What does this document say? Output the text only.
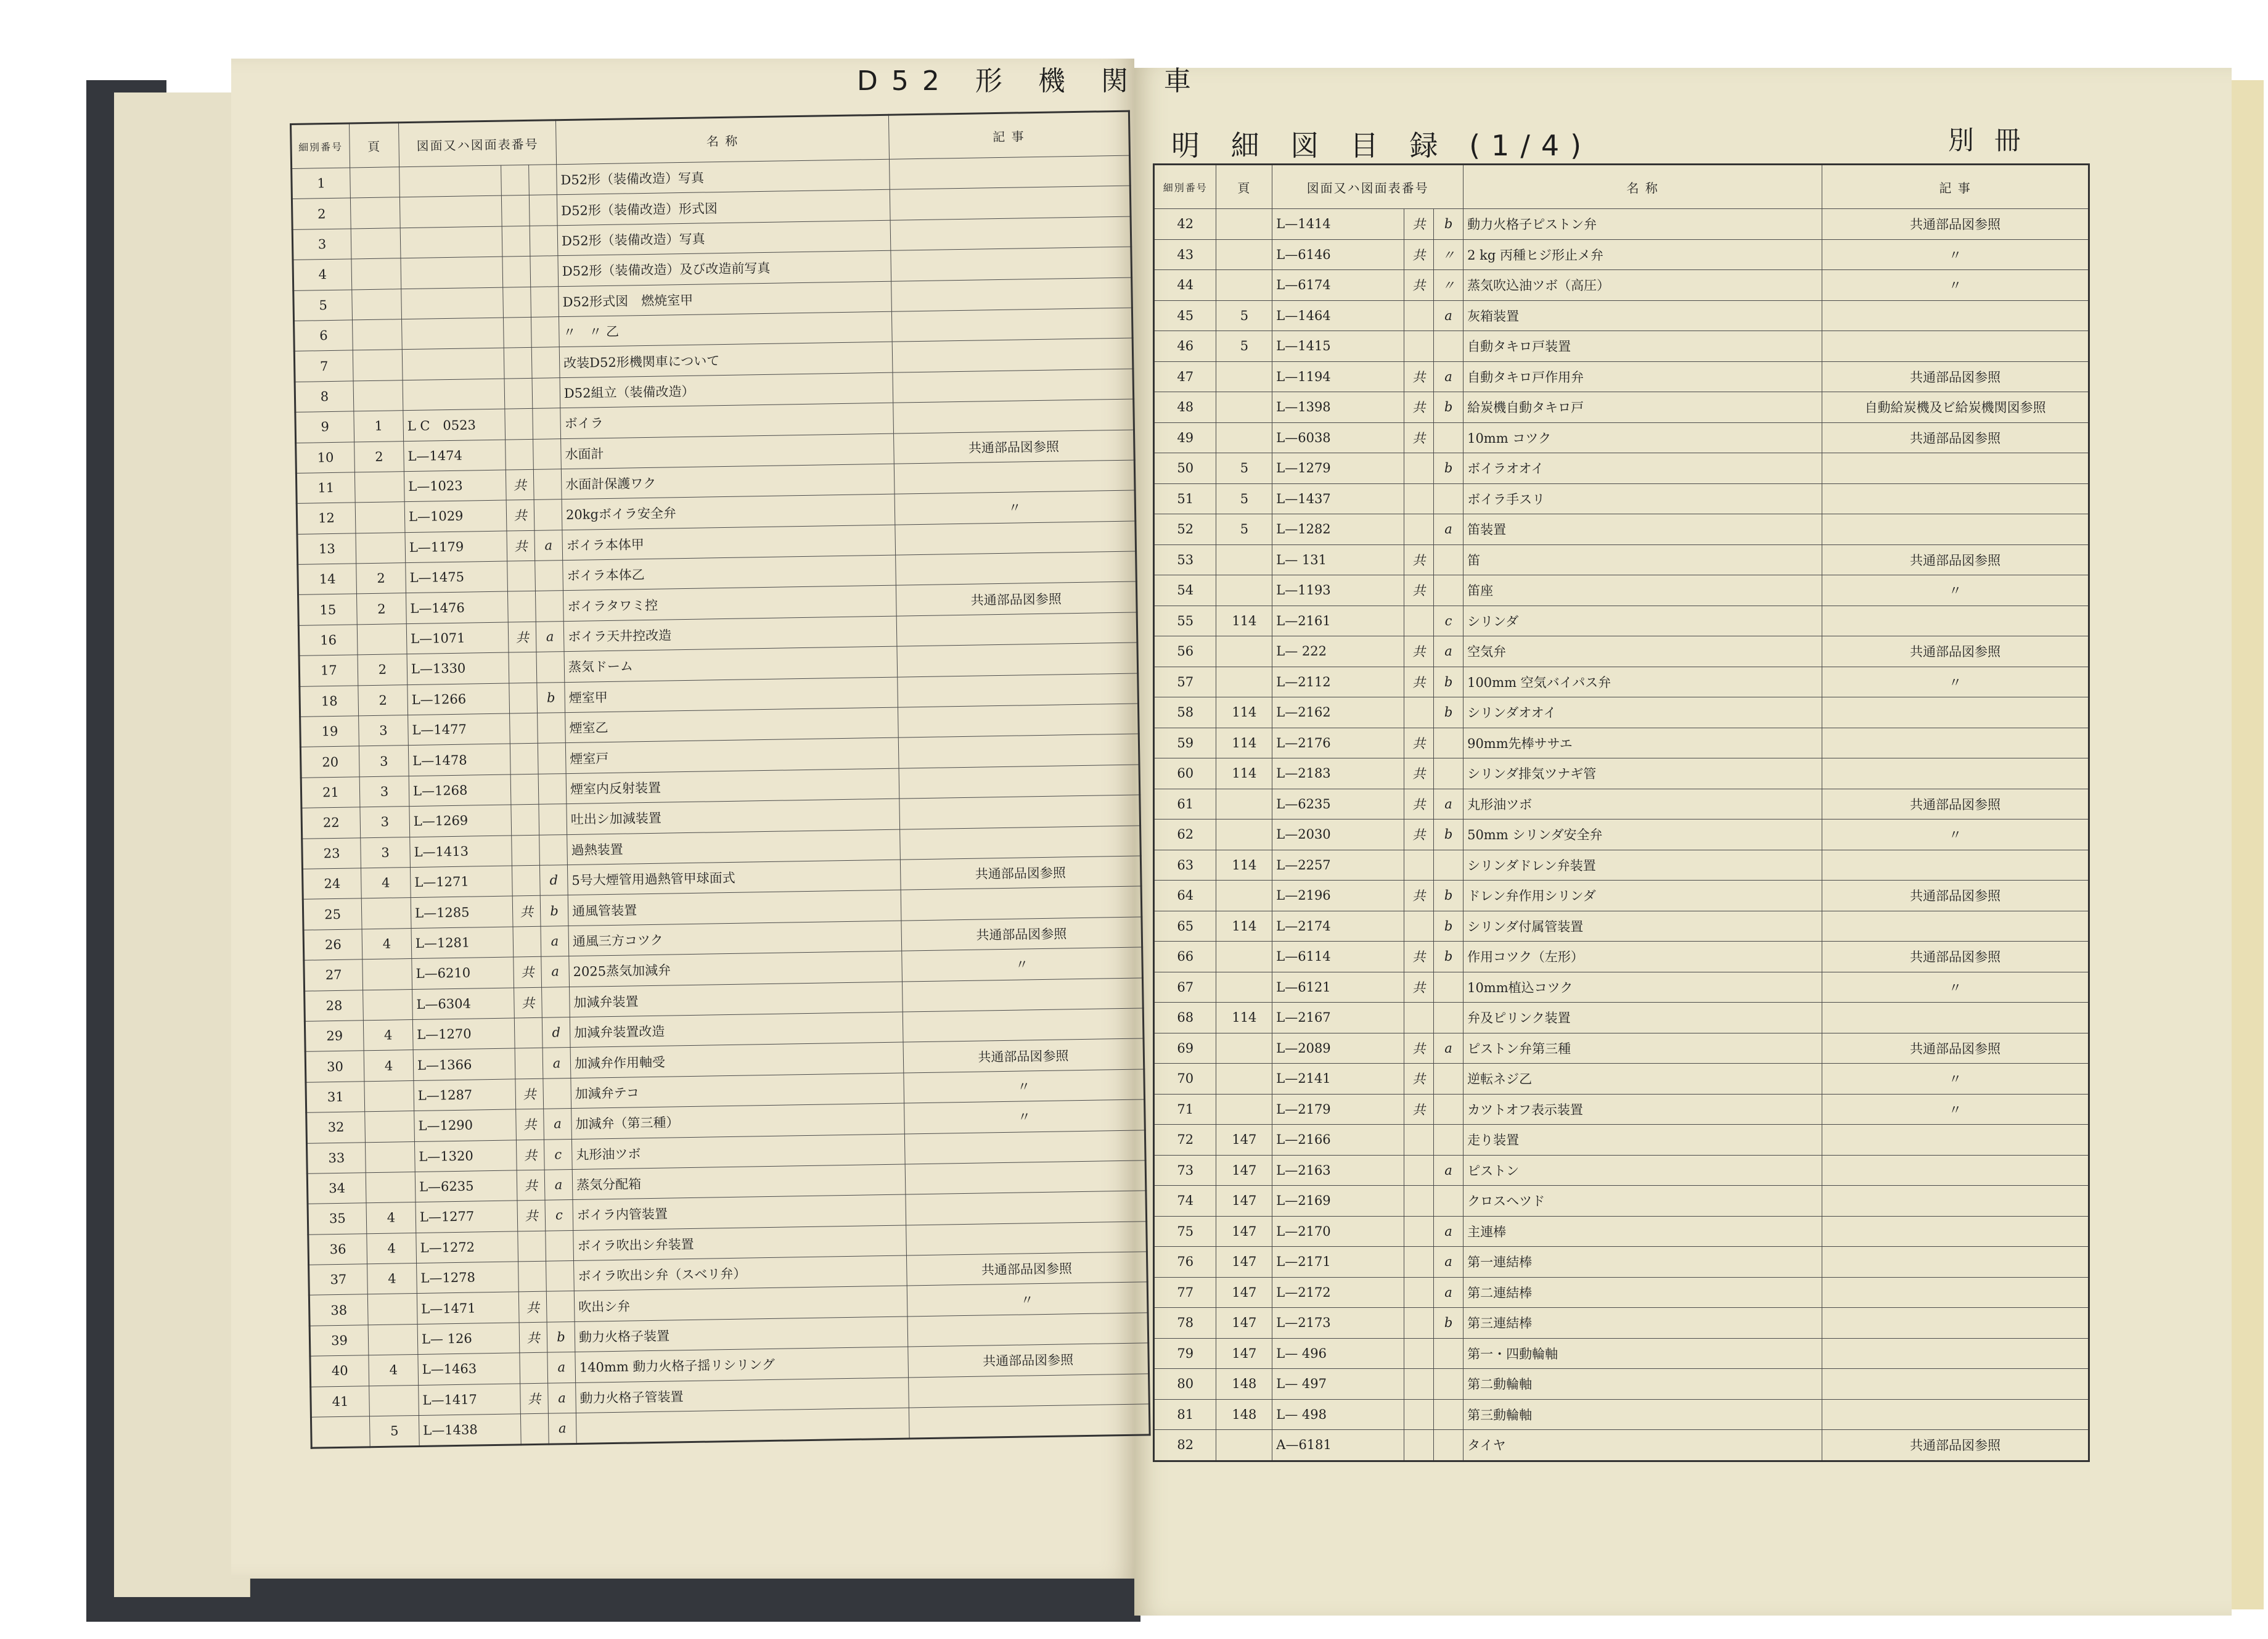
D52 形 機 関 車
明 細 図 目 録 (1/4)	別 冊
細別番号	頁	図面又ハ図面表番号			名 称	記 事
1					D52形（装備改造）写真	
2					D52形（装備改造）形式図	
3					D52形（装備改造）写真	
4					D52形（装備改造）及び改造前写真	
5					D52形式図　燃焼室甲	
6					〃　〃 乙	
7					改装D52形機関車について	
8					D52組立（装備改造）	
9	1	L C　0523			ボイラ	
10	2	L—1474			水面計	共通部品図参照
11		L—1023	共		水面計保護ワク	
12		L—1029	共		20kgボイラ安全弁	〃
13		L—1179	共	a	ボイラ本体甲	
14	2	L—1475			ボイラ本体乙	
15	2	L—1476			ボイラタワミ控	共通部品図参照
16		L—1071	共	a	ボイラ天井控改造	
17	2	L—1330			蒸気ドーム	
18	2	L—1266		b	煙室甲	
19	3	L—1477			煙室乙	
20	3	L—1478			煙室戸	
21	3	L—1268			煙室内反射装置	
22	3	L—1269			吐出シ加減装置	
23	3	L—1413			過熱装置	
24	4	L—1271		d	5号大煙管用過熱管甲球面式	共通部品図参照
25		L—1285	共	b	通風管装置	
26	4	L—1281		a	通風三方コツク	共通部品図参照
27		L—6210	共	a	2025蒸気加減弁	〃
28		L—6304	共		加減弁装置	
29	4	L—1270		d	加減弁装置改造	
30	4	L—1366		a	加減弁作用軸受	共通部品図参照
31		L—1287	共		加減弁テコ	〃
32		L—1290	共	a	加減弁（第三種）	〃
33		L—1320	共	c	丸形油ツボ	
34		L—6235	共	a	蒸気分配箱	
35	4	L—1277	共	c	ボイラ内管装置	
36	4	L—1272			ボイラ吹出シ弁装置	
37	4	L—1278			ボイラ吹出シ弁（スベリ弁）	共通部品図参照
38		L—1471	共		吹出シ弁	〃
39		L— 126	共	b	動力火格子装置	
40	4	L—1463		a	140mm 動力火格子揺リシリング	共通部品図参照
41		L—1417	共	a	動力火格子管装置	
	5	L—1438		a		
細別番号	頁	図面又ハ図面表番号			名 称	記 事
42		L—1414	共	b	動力火格子ピストン弁	共通部品図参照
43		L—6146	共	〃	2 kg 丙種ヒジ形止メ弁	〃
44		L—6174	共	〃	蒸気吹込油ツボ（高圧）	〃
45	5	L—1464		a	灰箱装置	
46	5	L—1415			自動タキロ戸装置	
47		L—1194	共	a	自動タキロ戸作用弁	共通部品図参照
48		L—1398	共	b	給炭機自動タキロ戸	自動給炭機及ビ給炭機関図参照
49		L—6038	共		10mm コツク	共通部品図参照
50	5	L—1279		b	ボイラオオイ	
51	5	L—1437			ボイラ手スリ	
52	5	L—1282		a	笛装置	
53		L— 131	共		笛	共通部品図参照
54		L—1193	共		笛座	〃
55	114	L—2161		c	シリンダ	
56		L— 222	共	a	空気弁	共通部品図参照
57		L—2112	共	b	100mm 空気バイパス弁	〃
58	114	L—2162		b	シリンダオオイ	
59	114	L—2176	共		90mm先棒ササエ	
60	114	L—2183	共		シリンダ排気ツナギ管	
61		L—6235	共	a	丸形油ツボ	共通部品図参照
62		L—2030	共	b	50mm シリンダ安全弁	〃
63	114	L—2257			シリンダドレン弁装置	
64		L—2196	共	b	ドレン弁作用シリンダ	共通部品図参照
65	114	L—2174		b	シリンダ付属管装置	
66		L—6114	共	b	作用コツク（左形）	共通部品図参照
67		L—6121	共		10mm植込コツク	〃
68	114	L—2167			弁及ピリンク装置	
69		L—2089	共	a	ピストン弁第三種	共通部品図参照
70		L—2141	共		逆転ネジ乙	〃
71		L—2179	共		カツトオフ表示装置	〃
72	147	L—2166			走り装置	
73	147	L—2163		a	ピストン	
74	147	L—2169			クロスヘツド	
75	147	L—2170		a	主連棒	
76	147	L—2171		a	第一連結棒	
77	147	L—2172		a	第二連結棒	
78	147	L—2173		b	第三連結棒	
79	147	L— 496			第一・四動輪軸	
80	148	L— 497			第二動輪軸	
81	148	L— 498			第三動輪軸	
82		A—6181			タイヤ	共通部品図参照
